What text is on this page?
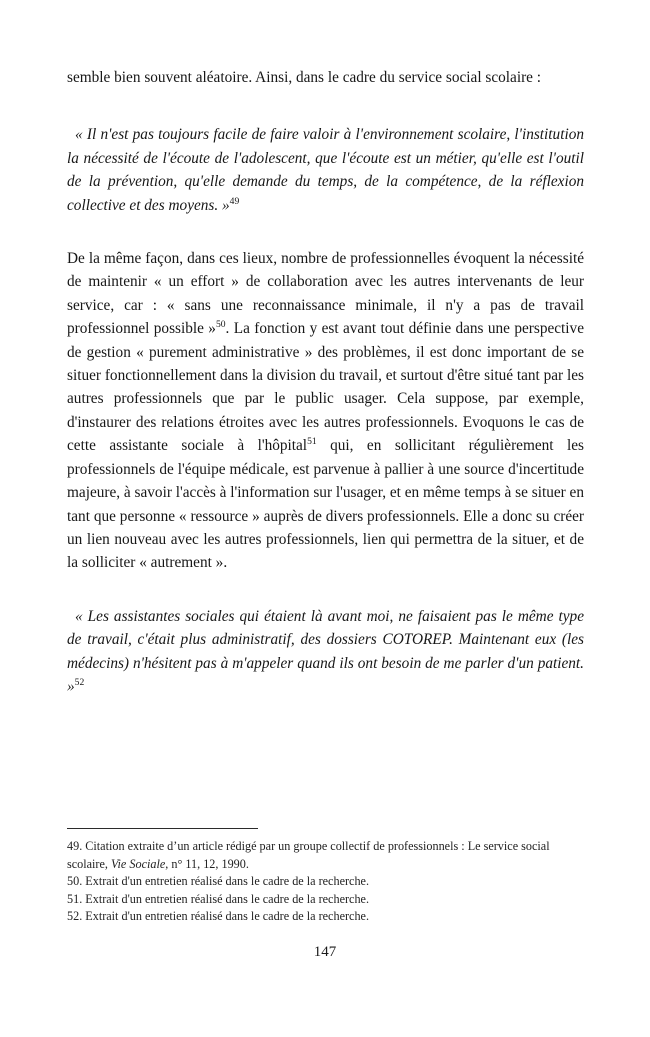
semble bien souvent aléatoire. Ainsi, dans le cadre du service social scolaire :

« Il n'est pas toujours facile de faire valoir à l'environnement scolaire, l'institution la nécessité de l'écoute de l'adolescent, que l'écoute est un métier, qu'elle est l'outil de la prévention, qu'elle demande du temps, de la compétence, de la réflexion collective et des moyens. »$^{49}$

De la même façon, dans ces lieux, nombre de professionnelles évoquent la nécessité de maintenir « un effort » de collaboration avec les autres intervenants de leur service, car : « sans une reconnaissance minimale, il n'y a pas de travail professionnel possible »$^{50}$. La fonction y est avant tout définie dans une perspective de gestion « purement administrative » des problèmes, il est donc important de se situer fonctionnellement dans la division du travail, et surtout d'être situé tant par les autres professionnels que par le public usager. Cela suppose, par exemple, d'instaurer des relations étroites avec les autres professionnels. Evoquons le cas de cette assistante sociale à l'hôpital$^{51}$ qui, en sollicitant régulièrement les professionnels de l'équipe médicale, est parvenue à pallier à une source d'incertitude majeure, à savoir l'accès à l'information sur l'usager, et en même temps à se situer en tant que personne « ressource » auprès de divers professionnels. Elle a donc su créer un lien nouveau avec les autres professionnels, lien qui permettra de la situer, et de la solliciter « autrement ».

« Les assistantes sociales qui étaient là avant moi, ne faisaient pas le même type de travail, c'était plus administratif, des dossiers COTOREP. Maintenant eux (les médecins) n'hésitent pas à m'appeler quand ils ont besoin de me parler d'un patient. »$^{52}$

49. Citation extraite d’un article rédigé par un groupe collectif de professionnels : Le service social scolaire, Vie Sociale, n° 11, 12, 1990.

50. Extrait d'un entretien réalisé dans le cadre de la recherche.

51. Extrait d'un entretien réalisé dans le cadre de la recherche.

52. Extrait d'un entretien réalisé dans le cadre de la recherche.

147
